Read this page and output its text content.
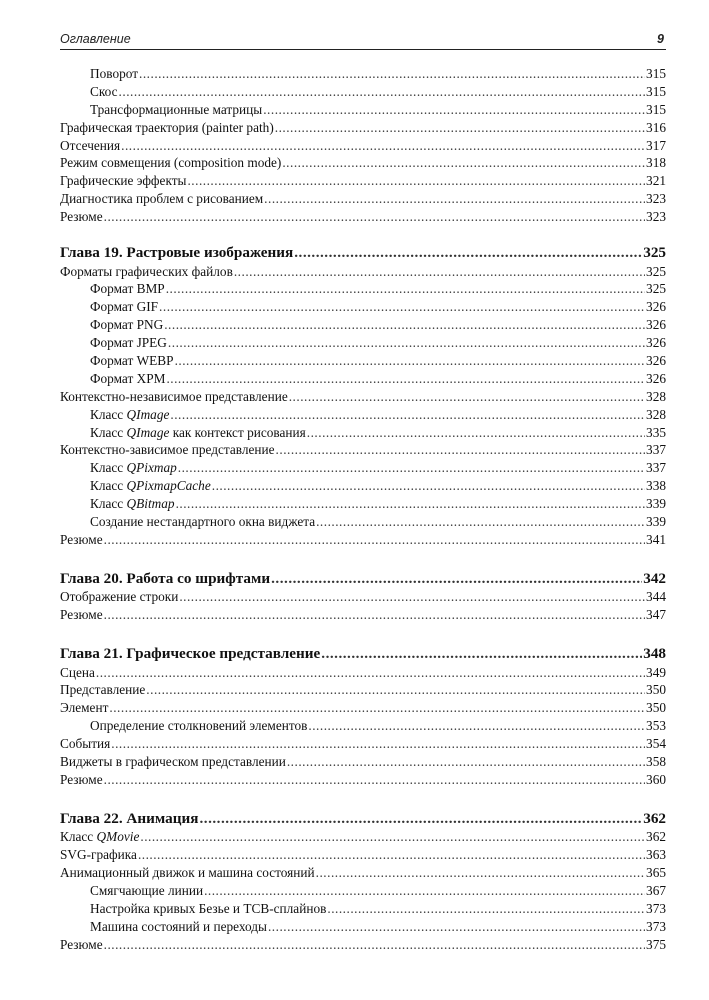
Оглавление	9
Поворот .....	315
Скос .....	315
Трансформационные матрицы .....	315
Графическая траектория (painter path) .....	316
Отсечения .....	317
Режим совмещения (composition mode) .....	318
Графические эффекты .....	321
Диагностика проблем с рисованием .....	323
Резюме .....	323
Глава 19. Растровые изображения .....	325
Форматы графических файлов .....	325
Формат BMP .....	325
Формат GIF .....	326
Формат PNG .....	326
Формат JPEG .....	326
Формат WEBP .....	326
Формат XPM .....	326
Контекстно-независимое представление .....	328
Класс QImage .....	328
Класс QImage как контекст рисования .....	335
Контекстно-зависимое представление .....	337
Класс QPixmap .....	337
Класс QPixmapCache .....	338
Класс QBitmap .....	339
Создание нестандартного окна виджета .....	339
Резюме .....	341
Глава 20. Работа со шрифтами .....	342
Отображение строки .....	344
Резюме .....	347
Глава 21. Графическое представление .....	348
Сцена .....	349
Представление .....	350
Элемент .....	350
Определение столкновений элементов .....	353
События .....	354
Виджеты в графическом представлении .....	358
Резюме .....	360
Глава 22. Анимация .....	362
Класс QMovie .....	362
SVG-графика .....	363
Анимационный движок и машина состояний .....	365
Смягчающие линии .....	367
Настройка кривых Безье и TCB-сплайнов .....	373
Машина состояний и переходы .....	373
Резюме .....	375
